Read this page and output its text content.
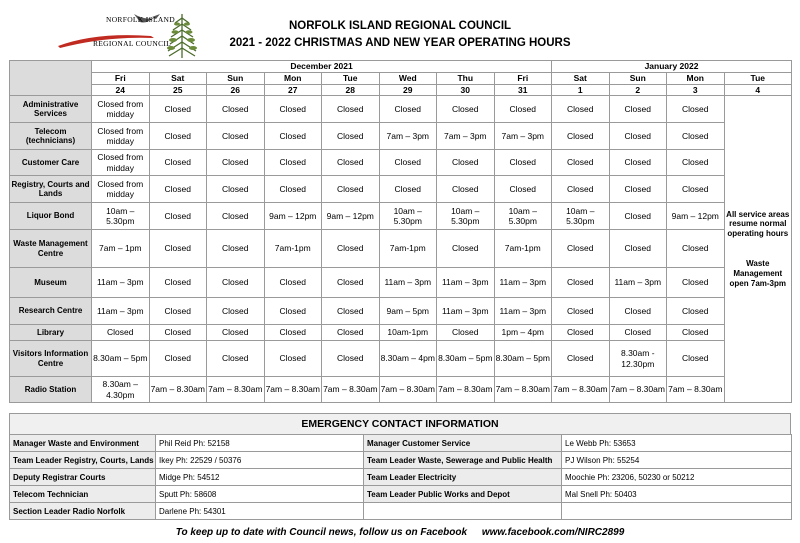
NORFOLK ISLAND
REGIONAL COUNCIL
NORFOLK ISLAND REGIONAL COUNCIL
2021 - 2022 CHRISTMAS AND NEW YEAR OPERATING HOURS
	December 2021								January 2022			
	Fri	Sat	Sun	Mon	Tue	Wed	Thu	Fri	Sat	Sun	Mon	Tue
	24	25	26	27	28	29	30	31	1	2	3	4
Administrative Services	Closed from midday	Closed	Closed	Closed	Closed	Closed	Closed	Closed	Closed	Closed	Closed	All service areas resume normal operating hours
Waste Management open 7am-3pm

Telecom (technicians)	Closed from midday	Closed	Closed	Closed	Closed	7am – 3pm	7am – 3pm	7am – 3pm	Closed	Closed	Closed	
Customer Care	Closed from midday	Closed	Closed	Closed	Closed	Closed	Closed	Closed	Closed	Closed	Closed	
Registry, Courts and Lands	Closed from midday	Closed	Closed	Closed	Closed	Closed	Closed	Closed	Closed	Closed	Closed	
Liquor Bond	10am – 5.30pm	Closed	Closed	9am – 12pm	9am – 12pm	10am – 5.30pm	10am – 5.30pm	10am – 5.30pm	10am – 5.30pm	Closed	9am – 12pm	
Waste Management Centre	7am – 1pm	Closed	Closed	7am-1pm	Closed	7am-1pm	Closed	7am-1pm	Closed	Closed	Closed	
Museum	11am – 3pm	Closed	Closed	Closed	Closed	11am – 3pm	11am – 3pm	11am – 3pm	Closed	11am – 3pm	Closed	
Research Centre	11am – 3pm	Closed	Closed	Closed	Closed	9am – 5pm	11am – 3pm	11am – 3pm	Closed	Closed	Closed	
Library	Closed	Closed	Closed	Closed	Closed	10am-1pm	Closed	1pm – 4pm	Closed	Closed	Closed	
Visitors Information Centre	8.30am – 5pm	Closed	Closed	Closed	Closed	8.30am – 4pm	8.30am – 5pm	8.30am – 5pm	Closed	8.30am - 12.30pm	Closed	
Radio Station	8.30am – 4.30pm	7am – 8.30am	7am – 8.30am	7am – 8.30am	7am – 8.30am	7am – 8.30am	7am – 8.30am	7am – 8.30am	7am – 8.30am	7am – 8.30am	7am – 8.30am	
EMERGENCY CONTACT INFORMATION
Manager Waste and Environment	Phil Reid Ph: 52158	Manager Customer Service	Le Webb Ph: 53653
Team Leader Registry, Courts, Lands	Ikey Ph: 22529 / 50376	Team Leader Waste, Sewerage and Public Health	PJ Wilson Ph: 55254
Deputy Registrar Courts	Midge Ph: 54512	Team Leader Electricity	Moochie Ph: 23206, 50230 or 50212
Telecom Technician	Sputt Ph: 58608	Team Leader Public Works and Depot	Mal Snell Ph: 50403
Section Leader Radio Norfolk	Darlene Ph: 54301		
To keep up to date with Council news, follow us on Facebook www.facebook.com/NIRC2899
